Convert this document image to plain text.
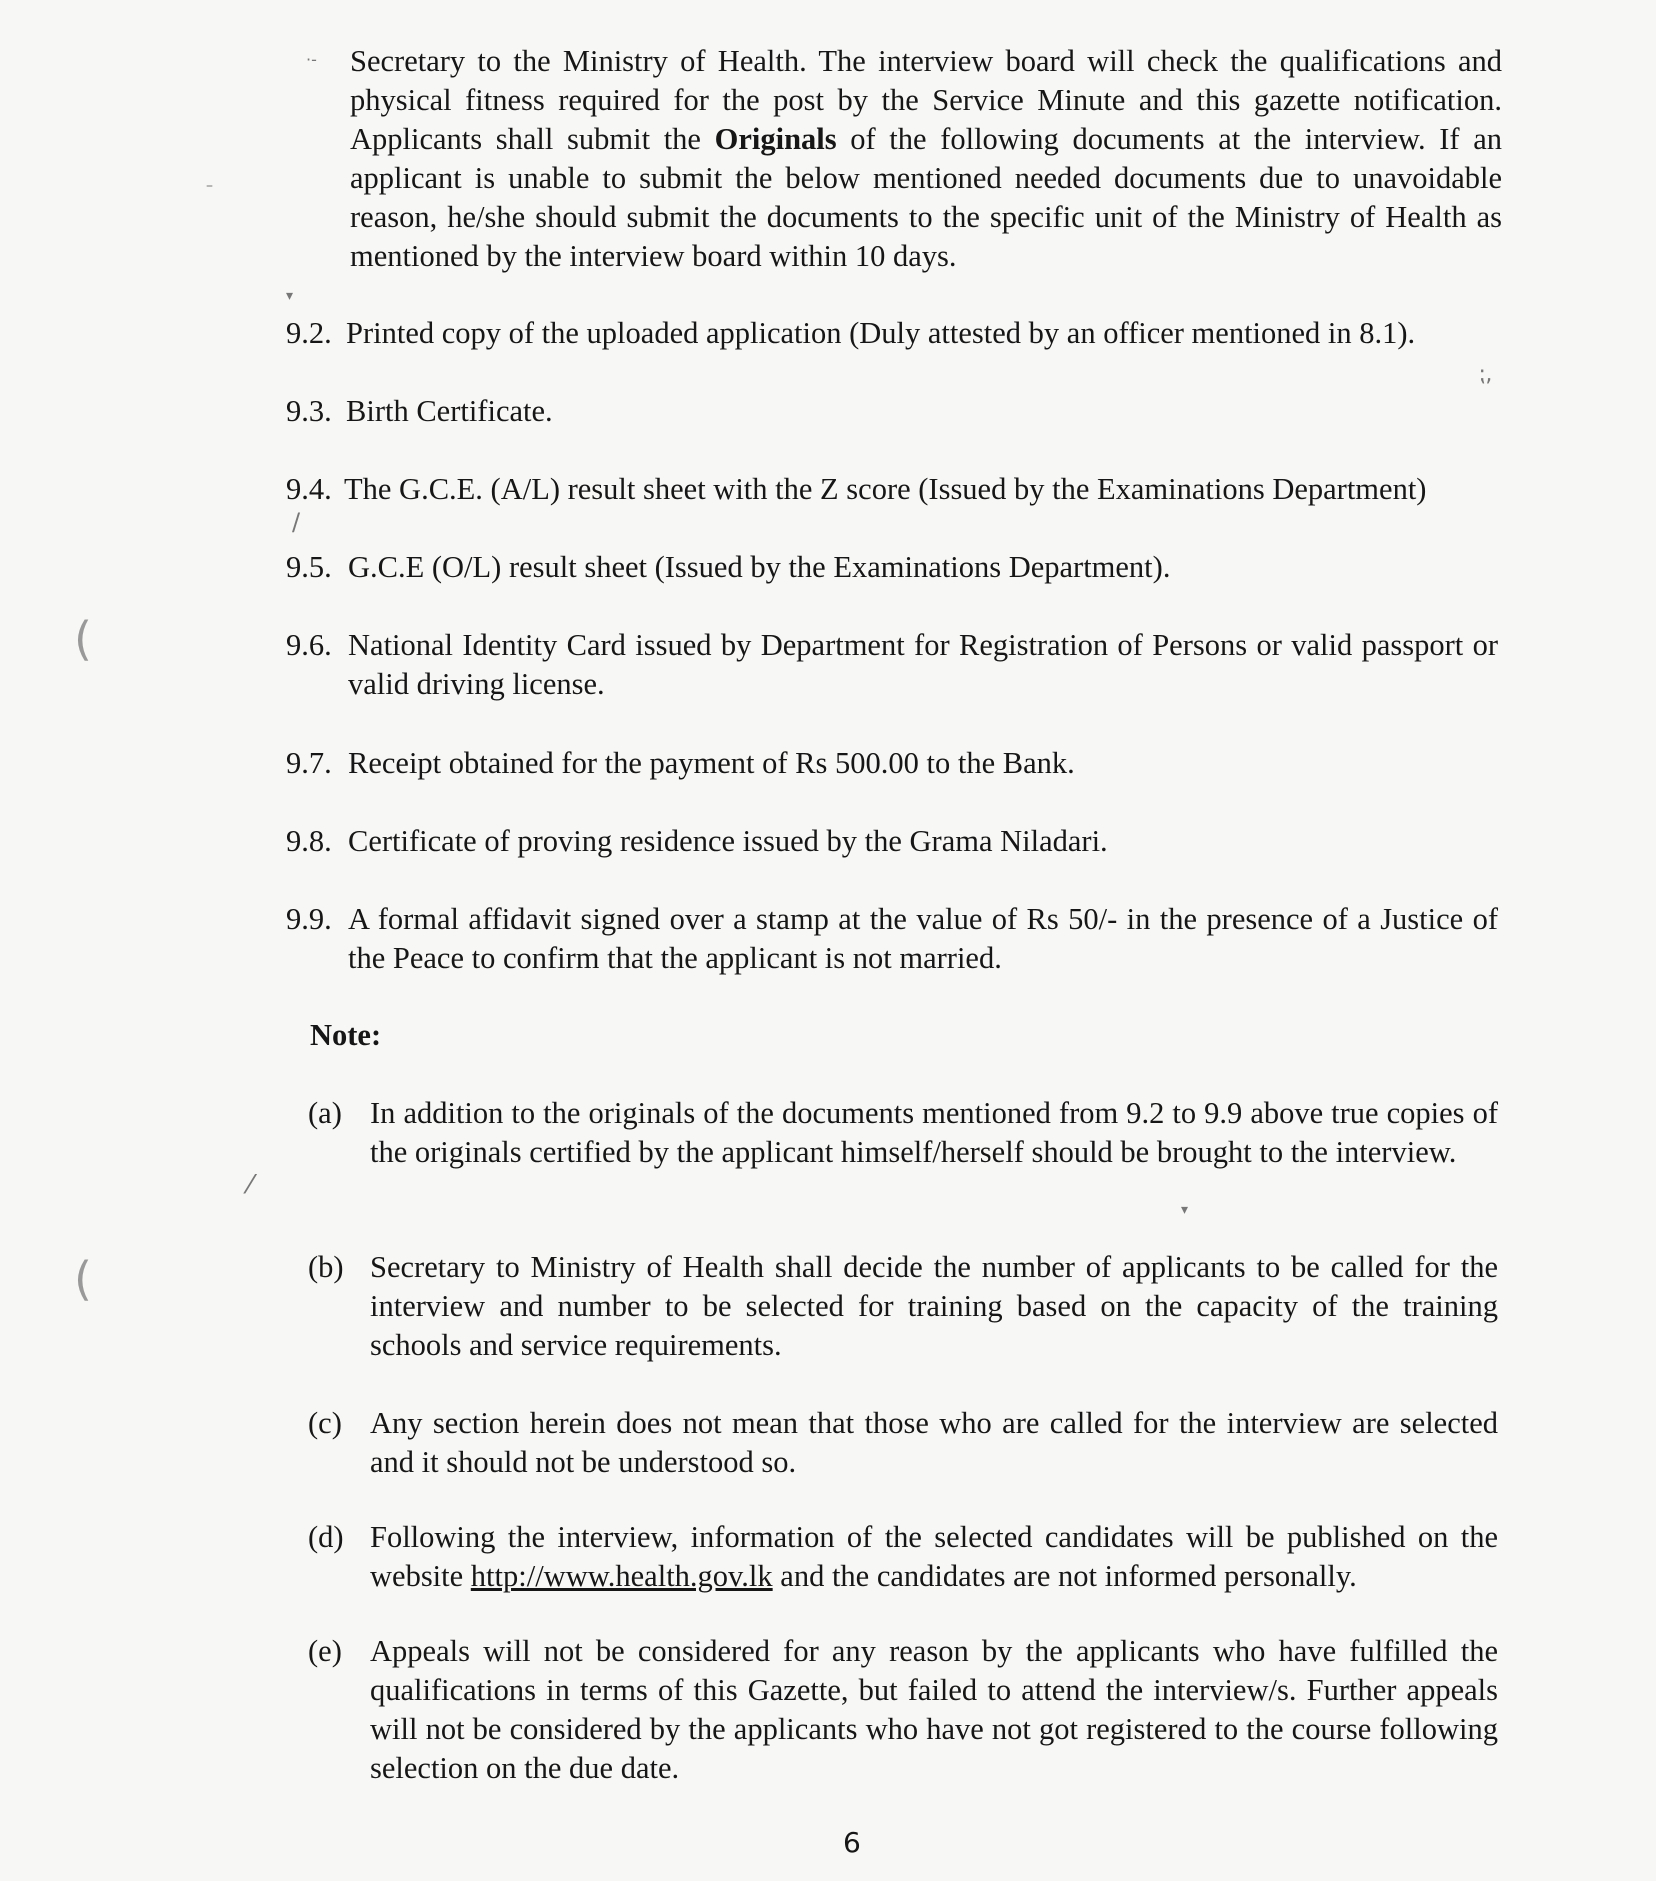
·-
–
▾
⁏,
/
(
(
⁄
▾

Secretary to the Ministry of Health. The interview board will check the qualifications and physical fitness required for the post by the Service Minute and this gazette notification. Applicants shall submit the Originals of the following documents at the interview. If an applicant is unable to submit the below mentioned needed documents due to unavoidable reason, he/she should submit the documents to the specific unit of the Ministry of Health as mentioned by the interview board within 10 days.

9.2. Printed copy of the uploaded application (Duly attested by an officer mentioned in 8.1).
9.3. Birth Certificate.
9.4. The G.C.E. (A/L) result sheet with the Z score (Issued by the Examinations Department)
9.5. G.C.E (O/L) result sheet (Issued by the Examinations Department).
9.6. National Identity Card issued by Department for Registration of Persons or valid passport or valid driving license.
9.7. Receipt obtained for the payment of Rs 500.00 to the Bank.
9.8. Certificate of proving residence issued by the Grama Niladari.
9.9. A formal affidavit signed over a stamp at the value of Rs 50/- in the presence of a Justice of the Peace to confirm that the applicant is not married.
Note:
(a) In addition to the originals of the documents mentioned from 9.2 to 9.9 above true copies of the originals certified by the applicant himself/herself should be brought to the interview.
(b) Secretary to Ministry of Health shall decide the number of applicants to be called for the interview and number to be selected for training based on the capacity of the training schools and service requirements.
(c) Any section herein does not mean that those who are called for the interview are selected and it should not be understood so.
(d) Following the interview, information of the selected candidates will be published on the website http://www.health.gov.lk and the candidates are not informed personally.
(e) Appeals will not be considered for any reason by the applicants who have fulfilled the qualifications in terms of this Gazette, but failed to attend the interview/s. Further appeals will not be considered by the applicants who have not got registered to the course following selection on the due date.
6
